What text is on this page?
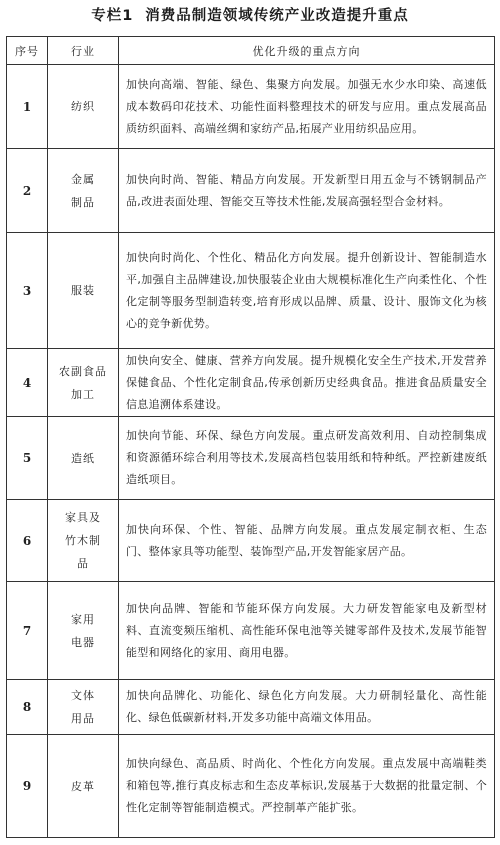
专栏1 消费品制造领域传统产业改造提升重点
序号	行业	优化升级的重点方向
1	纺织	加快向高端、智能、绿色、集聚方向发展。加强无水少水印染、高速低成本数码印花技术、功能性面料整理技术的研发与应用。重点发展高品质纺织面料、高端丝绸和家纺产品,拓展产业用纺织品应用。
2	金属制品	加快向时尚、智能、精品方向发展。开发新型日用五金与不锈钢制品产品,改进表面处理、智能交互等技术性能,发展高强轻型合金材料。
3	服装	加快向时尚化、个性化、精品化方向发展。提升创新设计、智能制造水平,加强自主品牌建设,加快服装企业由大规模标准化生产向柔性化、个性化定制等服务型制造转变,培育形成以品牌、质量、设计、服饰文化为核心的竞争新优势。
4	农副食品加工	加快向安全、健康、营养方向发展。提升规模化安全生产技术,开发营养保健食品、个性化定制食品,传承创新历史经典食品。推进食品质量安全信息追溯体系建设。
5	造纸	加快向节能、环保、绿色方向发展。重点研发高效利用、自动控制集成和资源循环综合利用等技术,发展高档包装用纸和特种纸。严控新建废纸造纸项目。
6	家具及竹木制品	加快向环保、个性、智能、品牌方向发展。重点发展定制衣柜、生态门、整体家具等功能型、装饰型产品,开发智能家居产品。
7	家用电器	加快向品牌、智能和节能环保方向发展。大力研发智能家电及新型材料、直流变频压缩机、高性能环保电池等关键零部件及技术,发展节能智能型和网络化的家用、商用电器。
8	文体用品	加快向品牌化、功能化、绿色化方向发展。大力研制轻量化、高性能化、绿色低碳新材料,开发多功能中高端文体用品。
9	皮革	加快向绿色、高品质、时尚化、个性化方向发展。重点发展中高端鞋类和箱包等,推行真皮标志和生态皮革标识,发展基于大数据的批量定制、个性化定制等智能制造模式。严控制革产能扩张。
